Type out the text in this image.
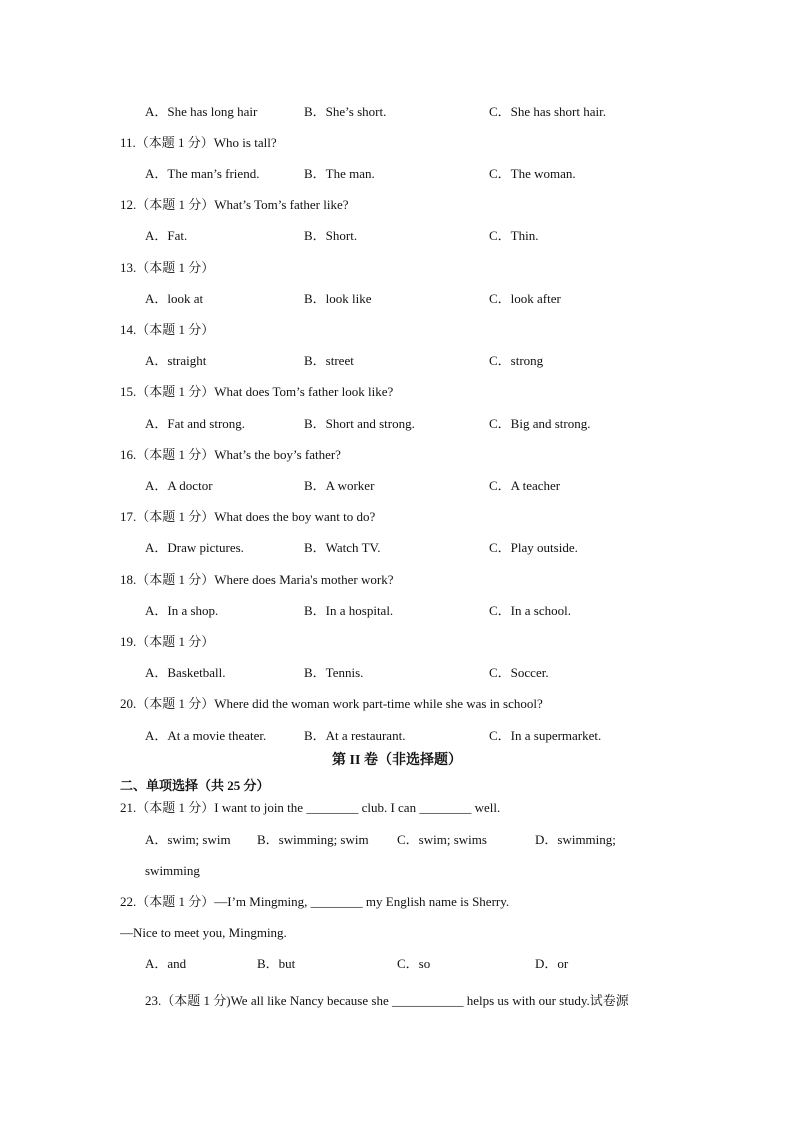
A．She has long hair	B．She’s short.	C．She has short hair.
11.（本题 1 分）Who is tall?
A．The man’s friend.	B．The man.	C．The woman.
12.（本题 1 分）What’s Tom’s father like?
A．Fat.	B．Short.	C．Thin.
13.（本题 1 分）
A．look at	B．look like	C．look after
14.（本题 1 分）
A．straight	B．street	C．strong
15.（本题 1 分）What does Tom’s father look like?
A．Fat and strong.	B．Short and strong.	C．Big and strong.
16.（本题 1 分）What’s the boy’s father?
A．A doctor	B．A worker	C．A teacher
17.（本题 1 分）What does the boy want to do?
A．Draw pictures.	B．Watch TV.	C．Play outside.
18.（本题 1 分）Where does Maria's mother work?
A．In a shop.	B．In a hospital.	C．In a school.
19.（本题 1 分）
A．Basketball.	B．Tennis.	C．Soccer.
20.（本题 1 分）Where did the woman work part-time while she was in school?
A．At a movie theater.	B．At a restaurant.	C．In a supermarket.
第 II 卷（非选择题）
二、单项选择（共 25 分）
21.（本题 1 分）I want to join the ________ club. I can ________ well.
A．swim; swim B．swimming; swim C．swim; swims	D．swimming;
swimming
22.（本题 1 分）—I’m Mingming, ________ my English name is Sherry.
—Nice to meet you, Mingming.
A．and	B．but	C．so	D．or
23.（本题 1 分)We all like Nancy because she ___________ helps us with our study.试卷源
